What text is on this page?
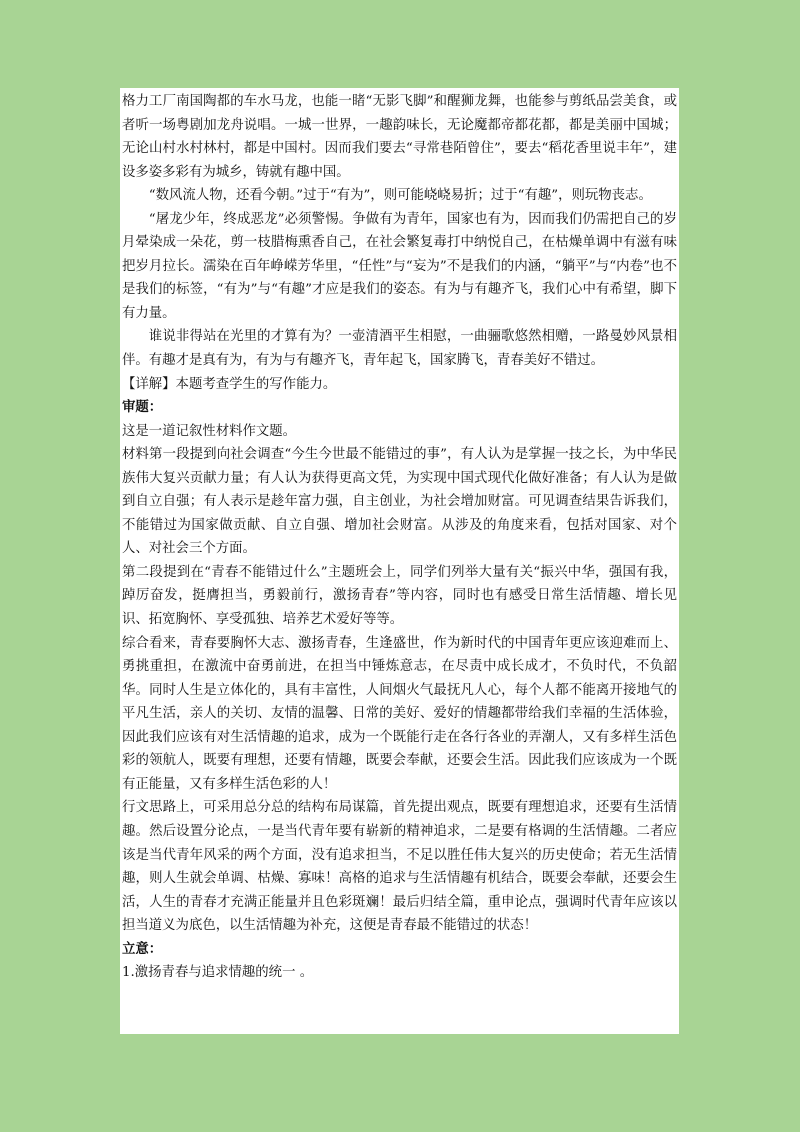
格力工厂南国陶都的车水马龙，也能一睹“无影飞脚”和醒狮龙舞，也能参与剪纸品尝美食，或者听一场粤剧加龙舟说唱。一城一世界，一趣韵味长，无论魔都帝都花都，都是美丽中国城；无论山村水村林村，都是中国村。因而我们要去“寻常巷陌曾住”，要去“稻花香里说丰年”，建设多姿多彩有为城乡，铸就有趣中国。

“数风流人物，还看今朝。”过于“有为”，则可能峣峣易折；过于“有趣”，则玩物丧志。

“屠龙少年，终成恶龙”必须警惕。争做有为青年，国家也有为，因而我们仍需把自己的岁月晕染成一朵花，剪一枝腊梅熏香自己，在社会繁复毒打中纳悦自己，在枯燥单调中有滋有味把岁月拉长。濡染在百年峥嵘芳华里，“任性”与“妄为”不是我们的内涵，“躺平”与“内卷”也不是我们的标签，“有为”与“有趣”才应是我们的姿态。有为与有趣齐飞，我们心中有希望，脚下有力量。

谁说非得站在光里的才算有为？一壶清酒平生相慰，一曲骊歌悠然相赠，一路曼妙风景相伴。有趣才是真有为，有为与有趣齐飞，青年起飞，国家腾飞，青春美好不错过。

【详解】本题考查学生的写作能力。

审题：

这是一道记叙性材料作文题。

材料第一段提到向社会调查“今生今世最不能错过的事”，有人认为是掌握一技之长，为中华民族伟大复兴贡献力量；有人认为获得更高文凭，为实现中国式现代化做好准备；有人认为是做到自立自强；有人表示是趁年富力强，自主创业，为社会增加财富。可见调查结果告诉我们，不能错过为国家做贡献、自立自强、增加社会财富。从涉及的角度来看，包括对国家、对个人、对社会三个方面。

第二段提到在“青春不能错过什么”主题班会上，同学们列举大量有关“振兴中华，强国有我，踔厉奋发，挺膺担当，勇毅前行，激扬青春”等内容，同时也有感受日常生活情趣、增长见识、拓宽胸怀、享受孤独、培养艺术爱好等等。

综合看来，青春要胸怀大志、激扬青春，生逢盛世，作为新时代的中国青年更应该迎难而上、勇挑重担，在激流中奋勇前进，在担当中锤炼意志，在尽责中成长成才，不负时代，不负韶华。同时人生是立体化的，具有丰富性，人间烟火气最抚凡人心，每个人都不能离开接地气的平凡生活，亲人的关切、友情的温馨、日常的美好、爱好的情趣都带给我们幸福的生活体验，因此我们应该有对生活情趣的追求，成为一个既能行走在各行各业的弄潮人，又有多样生活色彩的领航人，既要有理想，还要有情趣，既要会奉献，还要会生活。因此我们应该成为一个既有正能量，又有多样生活色彩的人！

行文思路上，可采用总分总的结构布局谋篇，首先提出观点，既要有理想追求，还要有生活情趣。然后设置分论点，一是当代青年要有崭新的精神追求，二是要有格调的生活情趣。二者应该是当代青年风采的两个方面，没有追求担当，不足以胜任伟大复兴的历史使命；若无生活情趣，则人生就会单调、枯燥、寡味！高格的追求与生活情趣有机结合，既要会奉献，还要会生活，人生的青春才充满正能量并且色彩斑斓！最后归结全篇，重申论点，强调时代青年应该以担当道义为底色，以生活情趣为补充，这便是青春最不能错过的状态！

立意：

1.激扬青春与追求情趣的统一 。
